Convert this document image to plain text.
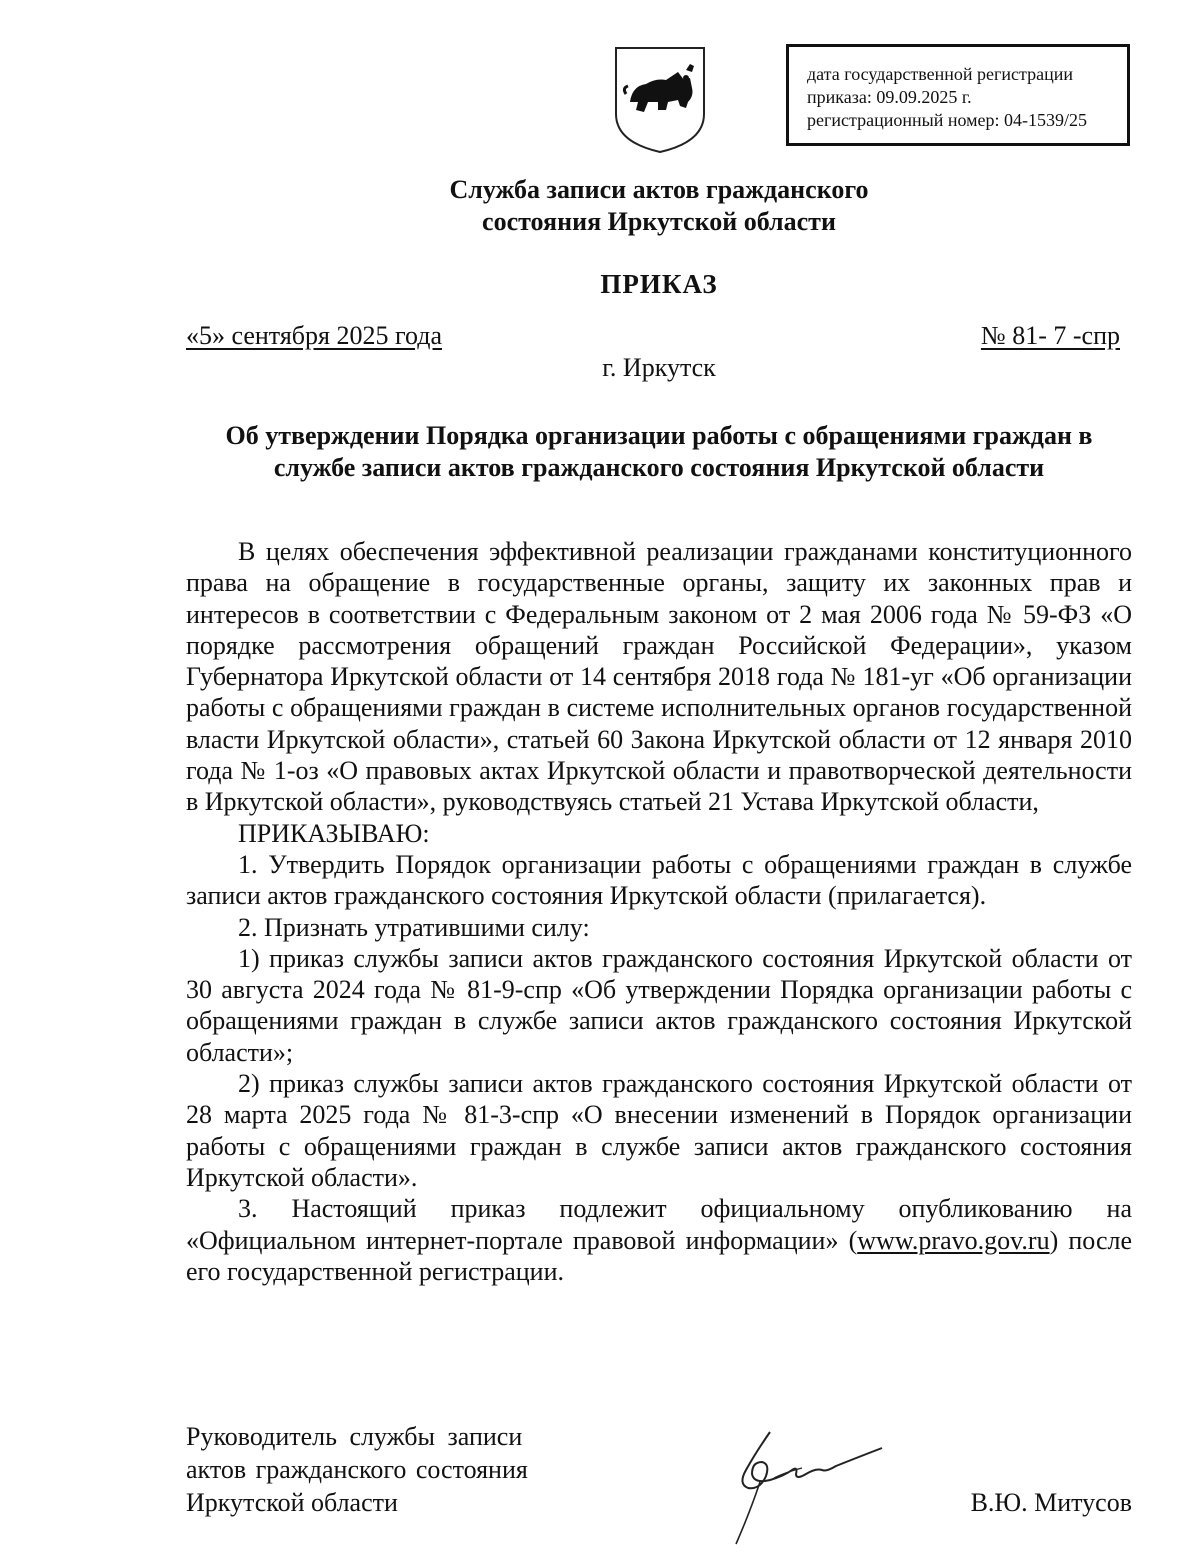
дата государственной регистрации
приказа: 09.09.2025 г.
регистрационный номер: 04-1539/25
Служба записи актов гражданского
состояния Иркутской области
ПРИКАЗ
«5» сентября 2025 года	№ 81- 7 -спр
г. Иркутск
Об утверждении Порядка организации работы с обращениями граждан в службе записи актов гражданского состояния Иркутской области

В целях обеспечения эффективной реализации гражданами конституционного права на обращение в государственные органы, защиту их законных прав и интересов в соответствии с Федеральным законом от 2 мая 2006 года № 59-ФЗ «О порядке рассмотрения обращений граждан Российской Федерации», указом Губернатора Иркутской области от 14 сентября 2018 года № 181-уг «Об организации работы с обращениями граждан в системе исполнительных органов государственной власти Иркутской области», статьей 60 Закона Иркутской области от 12 января 2010 года № 1-оз «О правовых актах Иркутской области и правотворческой деятельности в Иркутской области», руководствуясь статьей 21 Устава Иркутской области,

ПРИКАЗЫВАЮ:

1. Утвердить Порядок организации работы с обращениями граждан в службе записи актов гражданского состояния Иркутской области (прилагается).

2. Признать утратившими силу:

1) приказ службы записи актов гражданского состояния Иркутской области от 30 августа 2024 года № 81-9-спр «Об утверждении Порядка организации работы с обращениями граждан в службе записи актов гражданского состояния Иркутской области»;

2) приказ службы записи актов гражданского состояния Иркутской области от 28 марта 2025 года № 81-3-спр «О внесении изменений в Порядок организации работы с обращениями граждан в службе записи актов гражданского состояния Иркутской области».

3. Настоящий приказ подлежит официальному опубликованию на «Официальном интернет-портале правовой информации» (www.pravo.gov.ru) после его государственной регистрации.

Руководитель службы записи
актов гражданского состояния
Иркутской области	В.Ю. Митусов
